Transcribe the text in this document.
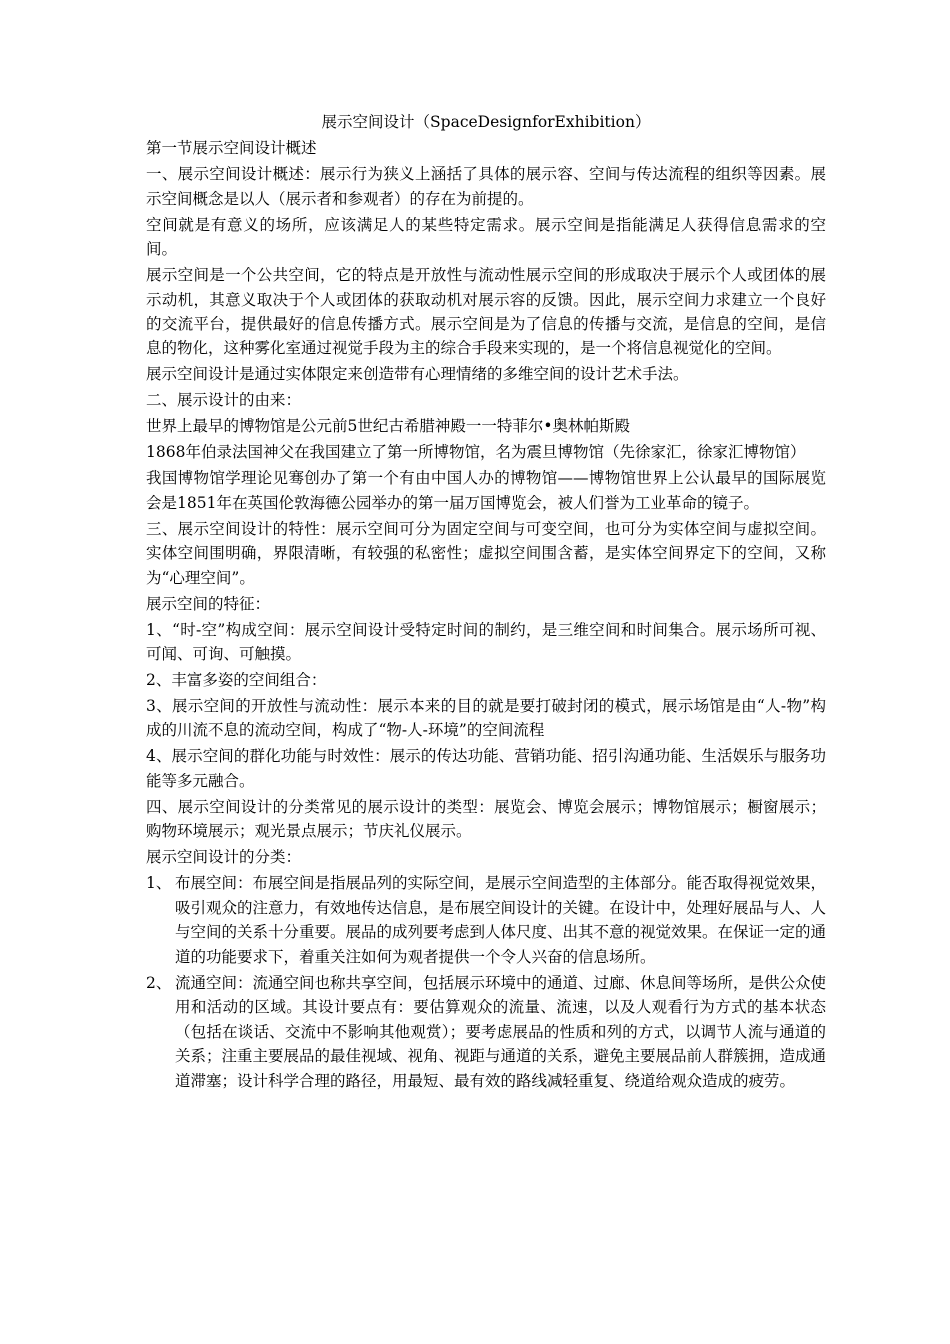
展示空间设计（SpaceDesignforExhibition）
第一节展示空间设计概述
一、展示空间设计概述：展示行为狭义上涵括了具体的展示容、空间与传达流程的组织等因素。展示空间概念是以人（展示者和参观者）的存在为前提的。
空间就是有意义的场所，应该满足人的某些特定需求。展示空间是指能满足人获得信息需求的空间。
展示空间是一个公共空间，它的特点是开放性与流动性展示空间的形成取决于展示个人或团体的展示动机，其意义取决于个人或团体的获取动机对展示容的反馈。因此，展示空间力求建立一个良好的交流平台，提供最好的信息传播方式。展示空间是为了信息的传播与交流，是信息的空间，是信息的物化，这种雾化室通过视觉手段为主的综合手段来实现的，是一个将信息视觉化的空间。
展示空间设计是通过实体限定来创造带有心理情绪的多维空间的设计艺术手法。
二、展示设计的由来：
世界上最早的博物馆是公元前5世纪古希腊神殿一一特菲尔•奥林帕斯殿
1868年伯录法国神父在我国建立了第一所博物馆，名为震旦博物馆（先徐家汇，徐家汇博物馆）
我国博物馆学理论见骞创办了第一个有由中国人办的博物馆——博物馆世界上公认最早的国际展览会是1851年在英国伦敦海德公园举办的第一届万国博览会，被人们誉为工业革命的镜子。
三、展示空间设计的特性：展示空间可分为固定空间与可变空间，也可分为实体空间与虚拟空间。实体空间围明确，界限清晰，有较强的私密性；虚拟空间围含蓄，是实体空间界定下的空间，又称为“心理空间”。
展示空间的特征：
1、“时-空”构成空间：展示空间设计受特定时间的制约，是三维空间和时间集合。展示场所可视、可闻、可询、可触摸。
2、丰富多姿的空间组合：
3、展示空间的开放性与流动性：展示本来的目的就是要打破封闭的模式，展示场馆是由“人-物”构成的川流不息的流动空间，构成了“物-人-环境”的空间流程
4、展示空间的群化功能与时效性：展示的传达功能、营销功能、招引沟通功能、生活娱乐与服务功能等多元融合。
四、展示空间设计的分类常见的展示设计的类型：展览会、博览会展示；博物馆展示；橱窗展示；购物环境展示；观光景点展示；节庆礼仪展示。
展示空间设计的分类：
1、 布展空间：布展空间是指展品列的实际空间，是展示空间造型的主体部分。能否取得视觉效果，吸引观众的注意力，有效地传达信息，是布展空间设计的关键。在设计中，处理好展品与人、人与空间的关系十分重要。展品的成列要考虑到人体尺度、出其不意的视觉效果。在保证一定的通道的功能要求下，着重关注如何为观者提供一个令人兴奋的信息场所。
2、 流通空间：流通空间也称共享空间，包括展示环境中的通道、过廊、休息间等场所，是供公众使用和活动的区域。其设计要点有：要估算观众的流量、流速，以及人观看行为方式的基本状态（包括在谈话、交流中不影响其他观赏）；要考虑展品的性质和列的方式，以调节人流与通道的关系；注重主要展品的最佳视域、视角、视距与通道的关系，避免主要展品前人群簇拥，造成通道滞塞；设计科学合理的路径，用最短、最有效的路线减轻重复、绕道给观众造成的疲劳。
